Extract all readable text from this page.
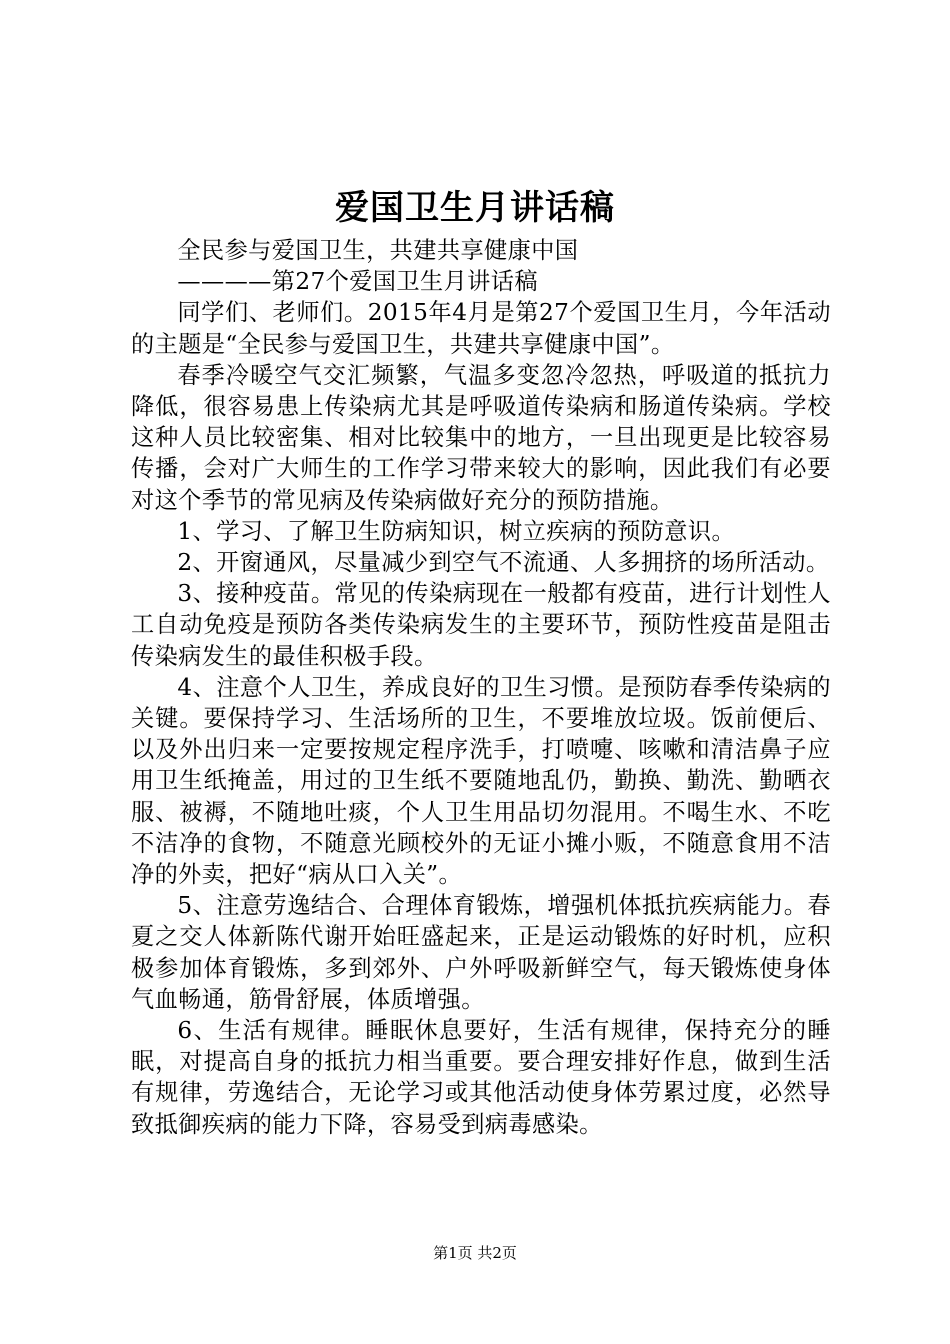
爱国卫生月讲话稿

全民参与爱国卫生，共建共享健康中国

————第27个爱国卫生月讲话稿

同学们、老师们。2015年4月是第27个爱国卫生月，今年活动的主题是“全民参与爱国卫生，共建共享健康中国”。

春季冷暖空气交汇频繁，气温多变忽冷忽热，呼吸道的抵抗力降低，很容易患上传染病尤其是呼吸道传染病和肠道传染病。学校这种人员比较密集、相对比较集中的地方，一旦出现更是比较容易传播，会对广大师生的工作学习带来较大的影响，因此我们有必要对这个季节的常见病及传染病做好充分的预防措施。

1、学习、了解卫生防病知识，树立疾病的预防意识。

2、开窗通风，尽量减少到空气不流通、人多拥挤的场所活动。

3、接种疫苗。常见的传染病现在一般都有疫苗，进行计划性人工自动免疫是预防各类传染病发生的主要环节，预防性疫苗是阻击传染病发生的最佳积极手段。

4、注意个人卫生，养成良好的卫生习惯。是预防春季传染病的关键。要保持学习、生活场所的卫生，不要堆放垃圾。饭前便后、以及外出归来一定要按规定程序洗手，打喷嚏、咳嗽和清洁鼻子应用卫生纸掩盖，用过的卫生纸不要随地乱仍，勤换、勤洗、勤晒衣服、被褥，不随地吐痰，个人卫生用品切勿混用。不喝生水、不吃不洁净的食物，不随意光顾校外的无证小摊小贩，不随意食用不洁净的外卖，把好“病从口入关”。

5、注意劳逸结合、合理体育锻炼，增强机体抵抗疾病能力。春夏之交人体新陈代谢开始旺盛起来，正是运动锻炼的好时机，应积极参加体育锻炼，多到郊外、户外呼吸新鲜空气，每天锻炼使身体气血畅通，筋骨舒展，体质增强。

6、生活有规律。睡眠休息要好，生活有规律，保持充分的睡眠，对提高自身的抵抗力相当重要。要合理安排好作息，做到生活有规律，劳逸结合，无论学习或其他活动使身体劳累过度，必然导致抵御疾病的能力下降，容易受到病毒感染。

第1页 共2页
